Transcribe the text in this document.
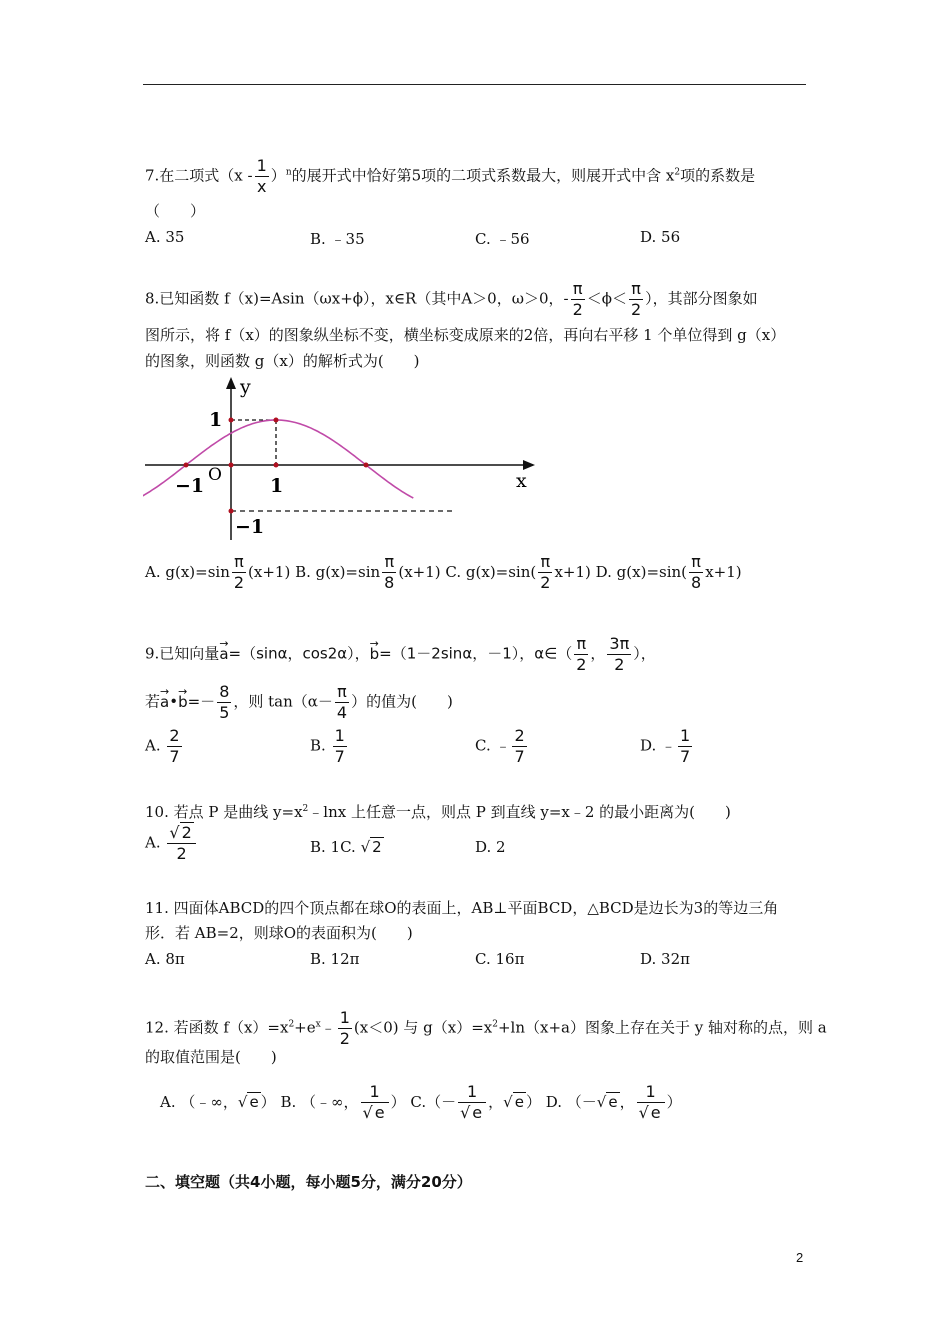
7.在二项式$(x - \frac{1}{x} )^n$的展开式中恰好第5项的二项式系数最大，则展开式中含 $x^2$项的系数是
（　　）
A. 35	B. ﹣35	C. ﹣56	D. 56
8.已知函数 f（x)=Asin（ωx+ϕ），x∈R（其中A＞0，ω＞0，- $\frac{\pi}{2} <\phi< \frac{\pi}{2}$ ），其部分图象如
图所示，将 f（x）的图象纵坐标不变，横坐标变成原来的2倍，再向右平移 1 个单位得到 g（x）
的图象，则函数 g（x）的解析式为(　　)
y
x
O
1
−1	1
−1
A. $g(x)=\sin \frac{\pi}{2} (x+1)$ B. $g(x)=\sin \frac{\pi}{8} (x+1)$ C. $g(x)=\sin( \frac{\pi}{2} x+1)$ D. $g(x)=\sin( \frac{\pi}{8} x+1)$
9.已知向量→ a=（sinα，cos2α），→ b=（1－2sinα，－1），α∈（ $\frac{\pi}{2}$ ， $\frac{3\pi}{2}$ ），
若→ a•→ $b=- \frac{8}{5}$ ，则 $\tan(\alpha- \frac{\pi}{4}$ ）的值为(　　)
A. $\frac{2}{7}$	B. $\frac{1}{7}$	C. ﹣ $\frac{2}{7}$	D. ﹣ $\frac{1}{7}$
10. 若点 P 是曲线 $y=x^2﹣\ln x$ 上任意一点，则点 P 到直线 y=x﹣2 的最小距离为(　　)
A. $\frac{√ 2}{2}$	B. 1C. √ 2	D. 2
11. 四面体ABCD的四个顶点都在球O的表面上，AB⊥平面BCD，△BCD是边长为3的等边三角
形．若 AB=2，则球O的表面积为(　　)
A. 8π	B. 12π	C. 16π	D. 32π
12. 若函数 $f(x)=x^2+e^x﹣ \frac{1}{2} (x<0)$ 与 $g(x)=x^2+\ln(x+a)$图象上存在关于 y 轴对称的点，则 a
的取值范围是(　　)
A. （﹣∞，√ e ） B. （﹣∞， $\frac{1}{√ e}$ ） $C.(- \frac{1}{√ e}$ ，√ e ） D. （－√ e ， $\frac{1}{√ e}$ ）
二、填空题（共4小题，每小题5分，满分20分）
2
